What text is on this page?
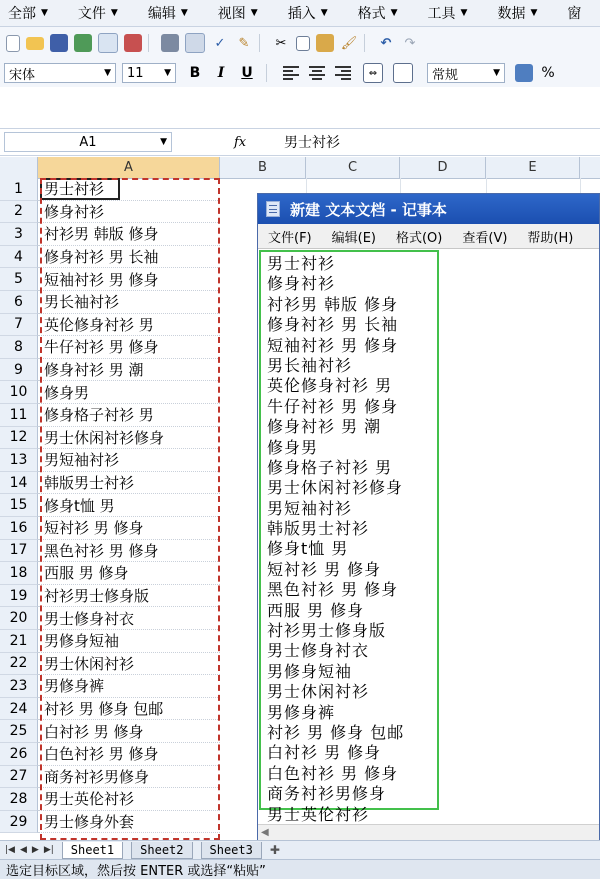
全部 ▼ 文件 ▼ 编辑 ▼ 视图 ▼ 插入 ▼ 格式 ▼ 工具 ▼ 数据 ▼ 窗
✓ ✎ ✂	🖌 ↶ ↷
宋体	▼ 11 ▼ B I U	⇔	常规	▼	%
A1	▼	fx	男士衬衫
A	B	C	D	E
1	男士衬衫
2	修身衬衫
3	衬衫男 韩版 修身
4	修身衬衫 男 长袖
5	短袖衬衫 男 修身
6	男长袖衬衫
7	英伦修身衬衫 男
8	牛仔衬衫 男 修身
9	修身衬衫 男 潮
10	修身男
11	修身格子衬衫 男
12	男士休闲衬衫修身
13	男短袖衬衫
14	韩版男士衬衫
15	修身t恤 男
16	短衬衫 男 修身
17	黑色衬衫 男 修身
18	西服 男 修身
19	衬衫男士修身版
20	男士修身衬衣
21	男修身短袖
22	男士休闲衬衫
23	男修身裤
24	衬衫 男 修身 包邮
25	白衬衫 男 修身
26	白色衬衫 男 修身
27	商务衬衫男修身
28	男士英伦衬衫
29	男士修身外套
新建 文本文档 - 记事本
文件(F) 编辑(E) 格式(O) 查看(V) 帮助(H)
男士衬衫
修身衬衫
衬衫男 韩版 修身
修身衬衫 男 长袖
短袖衬衫 男 修身
男长袖衬衫
英伦修身衬衫 男
牛仔衬衫 男 修身
修身衬衫 男 潮
修身男
修身格子衬衫 男
男士休闲衬衫修身
男短袖衬衫
韩版男士衬衫
修身t恤 男
短衬衫 男 修身
黑色衬衫 男 修身
西服 男 修身
衬衫男士修身版
男士修身衬衣
男修身短袖
男士休闲衬衫
男修身裤
衬衫 男 修身 包邮
白衬衫 男 修身
白色衬衫 男 修身
商务衬衫男修身
男士英伦衬衫
◀
|◀ ◀ ▶ ▶|	Sheet1	Sheet2	Sheet3	✚
选定目标区域，然后按 ENTER 或选择“粘贴”
